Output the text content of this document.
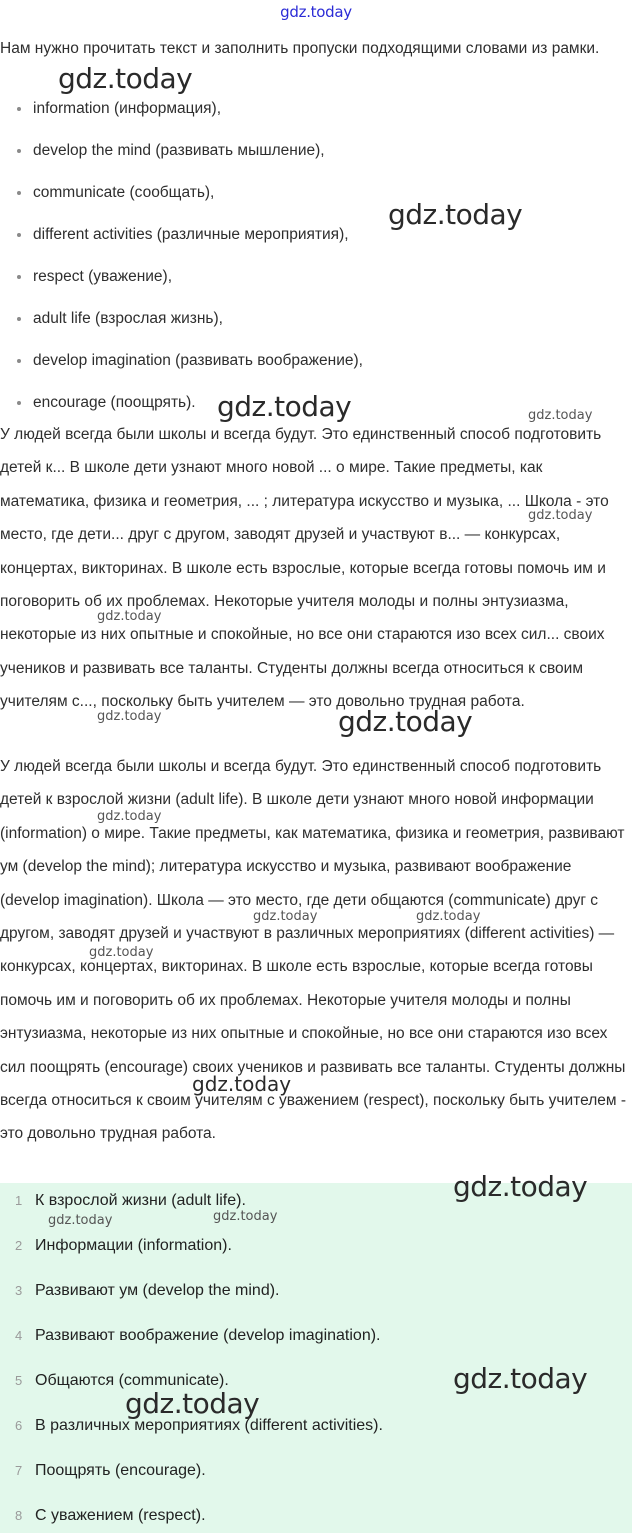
gdz.today

Нам нужно прочитать текст и заполнить пропуски подходящими словами из рамки.

information (информация),
develop the mind (развивать мышление),
communicate (сообщать),
different activities (различные мероприятия),
respect (уважение),
adult life (взрослая жизнь),
develop imagination (развивать воображение),
encourage (поощрять).

У людей всегда были школы и всегда будут. Это единственный способ подготовить детей к... В школе дети узнают много новой ... о мире. Такие предметы, как математика, физика и геометрия, ... ; литература искусство и музыка, ... Школа - это место, где дети... друг с другом, заводят друзей и участвуют в... — конкурсах, концертах, викторинах. В школе есть взрослые, которые всегда готовы помочь им и поговорить об их проблемах. Некоторые учителя молоды и полны энтузиазма, некоторые из них опытные и спокойные, но все они стараются изо всех сил... своих учеников и развивать все таланты. Студенты должны всегда относиться к своим учителям с..., поскольку быть учителем — это довольно трудная работа.

У людей всегда были школы и всегда будут. Это единственный способ подготовить детей к взрослой жизни (adult life). В школе дети узнают много новой информации (information) о мире. Такие предметы, как математика, физика и геометрия, развивают ум (develop the mind); литература искусство и музыка, развивают воображение (develop imagination). Школа — это место, где дети общаются (communicate) друг с другом, заводят друзей и участвуют в различных мероприятиях (different activities) — конкурсах, концертах, викторинах. В школе есть взрослые, которые всегда готовы помочь им и поговорить об их проблемах. Некоторые учителя молоды и полны энтузиазма, некоторые из них опытные и спокойные, но все они стараются изо всех сил поощрять (encourage) своих учеников и развивать все таланты. Студенты должны всегда относиться к своим учителям с уважением (respect), поскольку быть учителем - это довольно трудная работа.

1 К взрослой жизни (adult life).
2 Информации (information).
3 Развивают ум (develop the mind).
4 Развивают воображение (develop imagination).
5 Общаются (communicate).
6 В различных мероприятиях (different activities).
7 Поощрять (encourage).
8 С уважением (respect).
gdz.today
gdz.today
gdz.today	gdz.today
gdz.today
gdz.today
gdz.today	gdz.today
gdz.today
gdz.today	gdz.today
gdz.today
gdz.today
gdz.today
gdz.today	gdz.today
gdz.today
gdz.today
